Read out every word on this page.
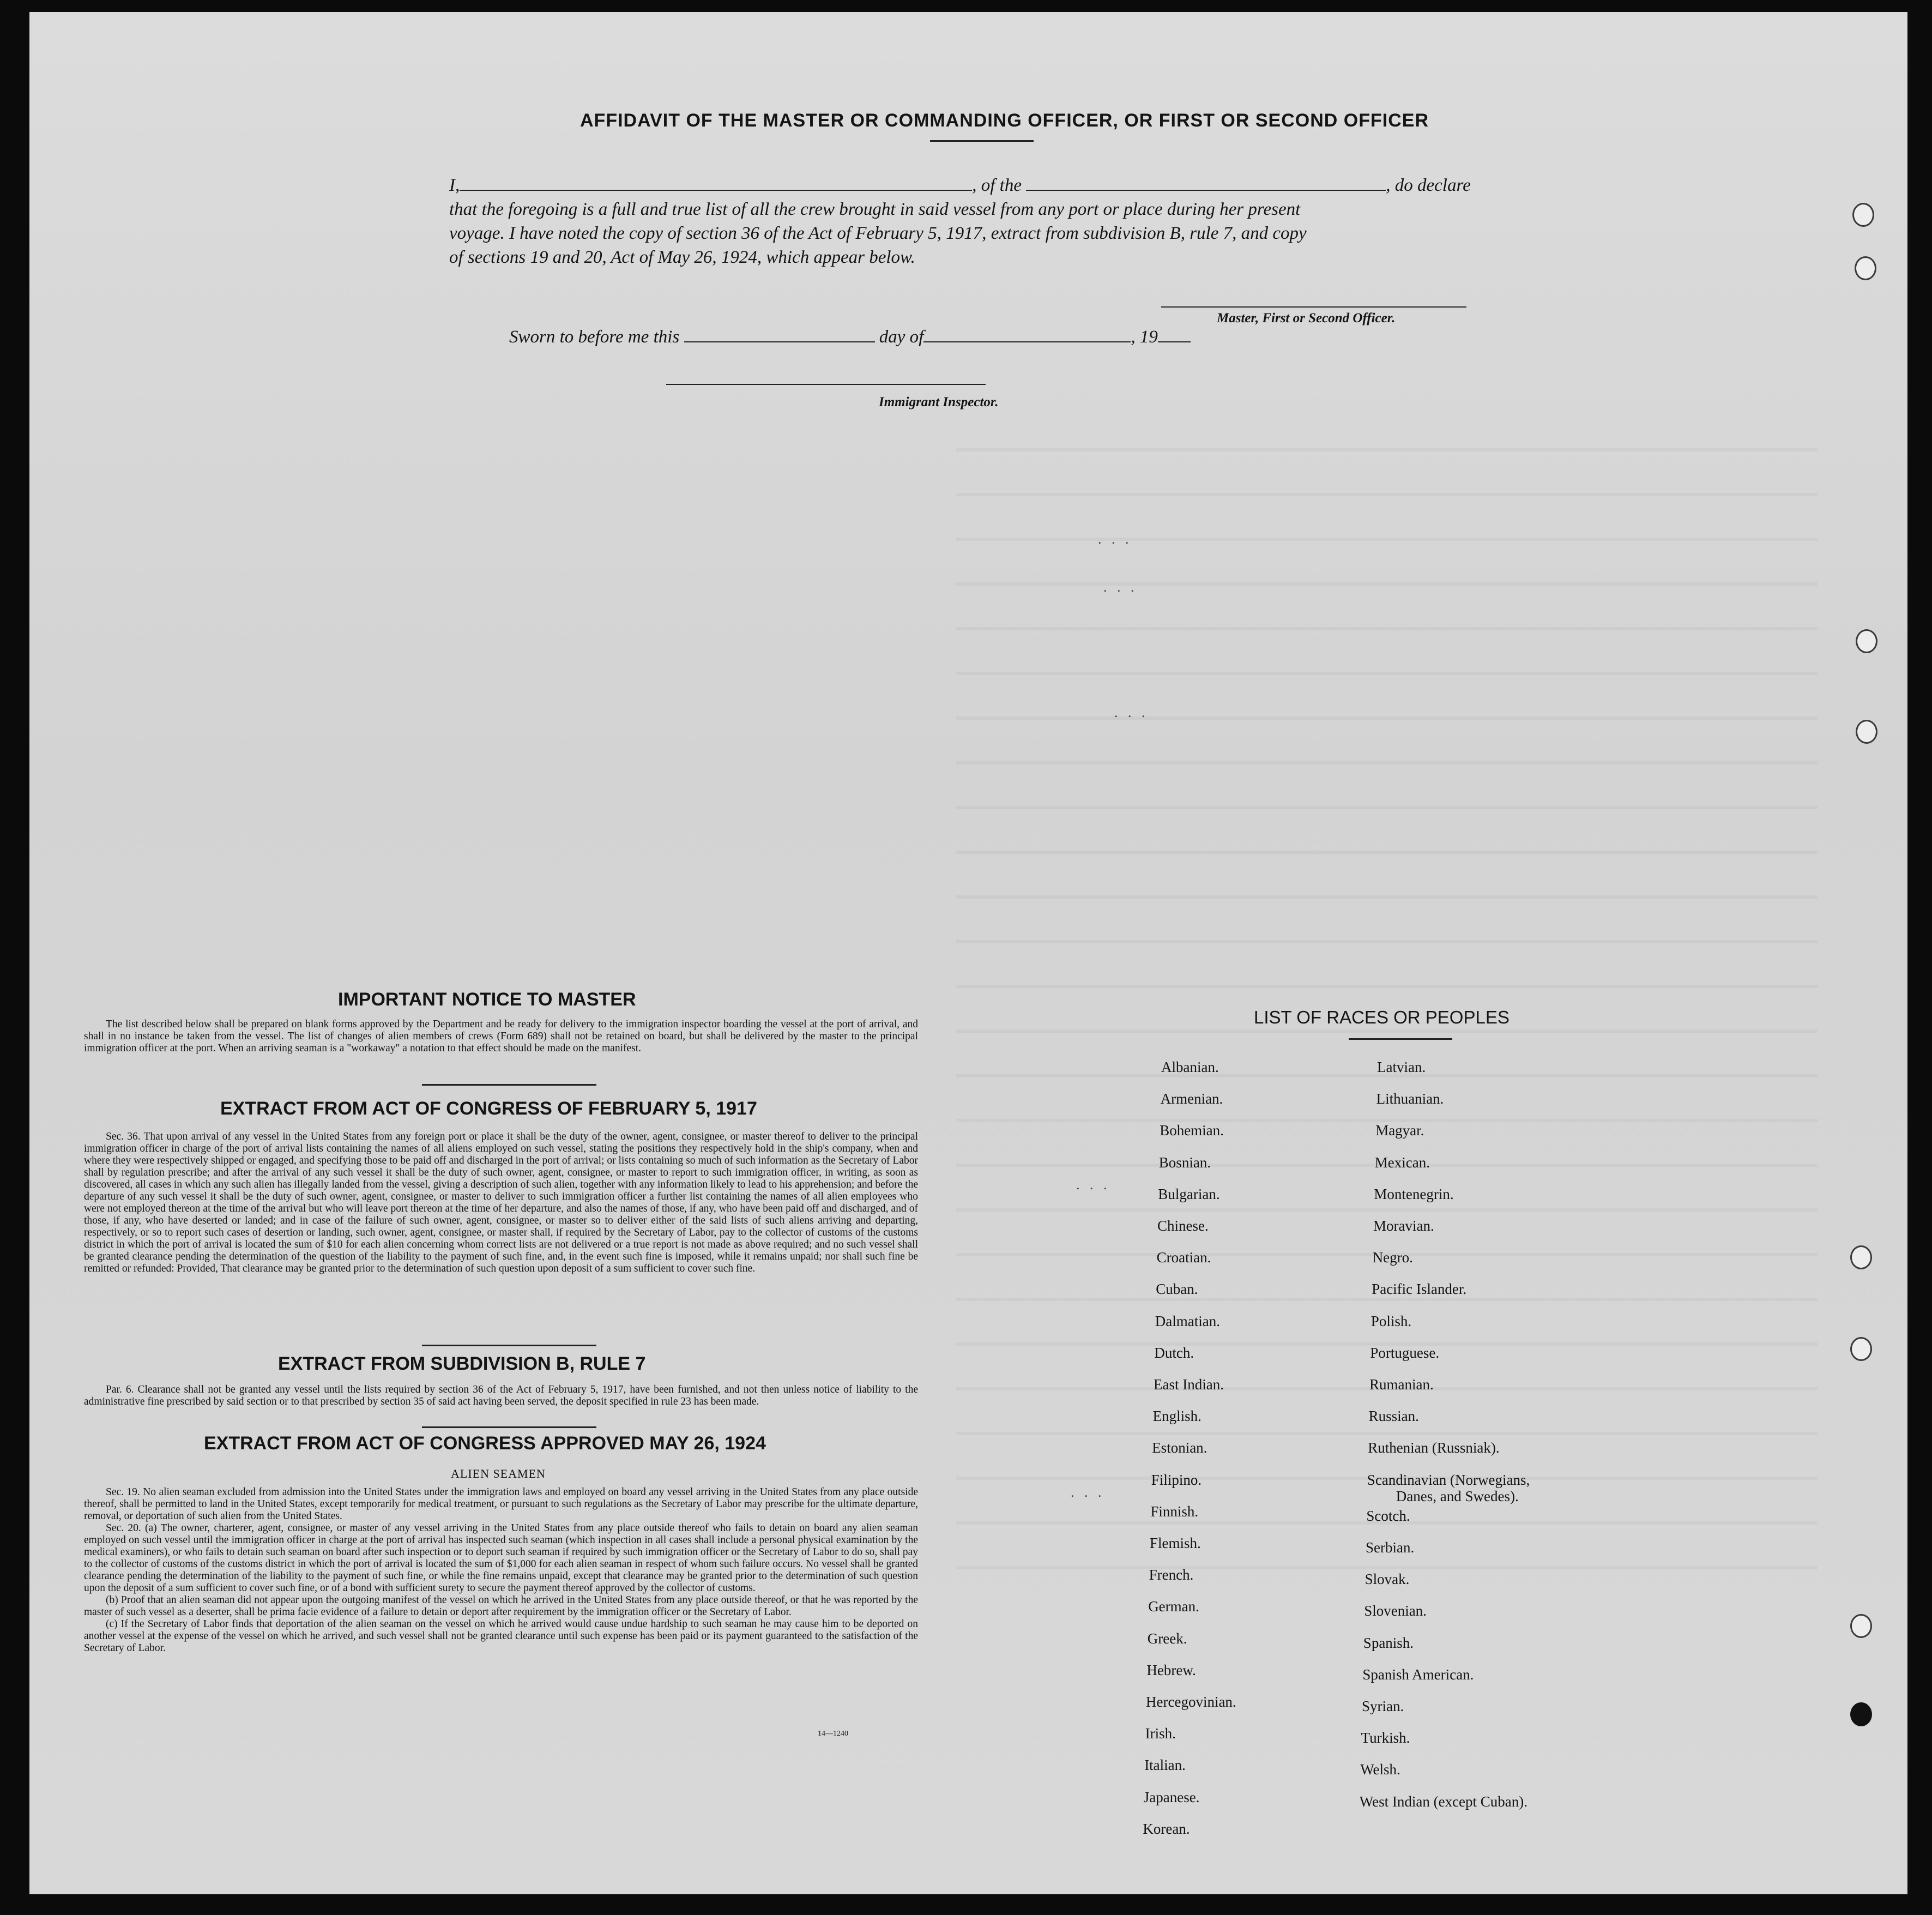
AFFIDAVIT OF THE MASTER OR COMMANDING OFFICER, OR FIRST OR SECOND OFFICER
I,	, of the	, do declare
that the foregoing is a full and true list of all the crew brought in said vessel from any port or place during her present
voyage. I have noted the copy of section 36 of the Act of February 5, 1917, extract from subdivision B, rule 7, and copy
of sections 19 and 20, Act of May 26, 1924, which appear below.
Master, First or Second Officer.
Sworn to before me this	day of	, 19
Immigrant Inspector.
IMPORTANT NOTICE TO MASTER

The list described below shall be prepared on blank forms approved by the Department and be ready for delivery to the immigration inspector boarding the vessel at the port of arrival, and shall in no instance be taken from the vessel. The list of changes of alien members of crews (Form 689) shall not be retained on board, but shall be delivered by the master to the principal immigration officer at the port. When an arriving seaman is a "workaway" a notation to that effect should be made on the manifest.

EXTRACT FROM ACT OF CONGRESS OF FEBRUARY 5, 1917

Sec. 36. That upon arrival of any vessel in the United States from any foreign port or place it shall be the duty of the owner, agent, consignee, or master thereof to deliver to the principal immigration officer in charge of the port of arrival lists containing the names of all aliens employed on such vessel, stating the positions they respectively hold in the ship's company, when and where they were respectively shipped or engaged, and specifying those to be paid off and discharged in the port of arrival; or lists containing so much of such information as the Secretary of Labor shall by regulation prescribe; and after the arrival of any such vessel it shall be the duty of such owner, agent, consignee, or master to report to such immigration officer, in writing, as soon as discovered, all cases in which any such alien has illegally landed from the vessel, giving a description of such alien, together with any information likely to lead to his apprehension; and before the departure of any such vessel it shall be the duty of such owner, agent, consignee, or master to deliver to such immigration officer a further list containing the names of all alien employees who were not employed thereon at the time of the arrival but who will leave port thereon at the time of her departure, and also the names of those, if any, who have been paid off and discharged, and of those, if any, who have deserted or landed; and in case of the failure of such owner, agent, consignee, or master so to deliver either of the said lists of such aliens arriving and departing, respectively, or so to report such cases of desertion or landing, such owner, agent, consignee, or master shall, if required by the Secretary of Labor, pay to the collector of customs of the customs district in which the port of arrival is located the sum of $10 for each alien concerning whom correct lists are not delivered or a true report is not made as above required; and no such vessel shall be granted clearance pending the determination of the question of the liability to the payment of such fine, and, in the event such fine is imposed, while it remains unpaid; nor shall such fine be remitted or refunded: Provided, That clearance may be granted prior to the determination of such question upon deposit of a sum sufficient to cover such fine.

EXTRACT FROM SUBDIVISION B, RULE 7

Par. 6. Clearance shall not be granted any vessel until the lists required by section 36 of the Act of February 5, 1917, have been furnished, and not then unless notice of liability to the administrative fine prescribed by said section or to that prescribed by section 35 of said act having been served, the deposit specified in rule 23 has been made.

EXTRACT FROM ACT OF CONGRESS APPROVED MAY 26, 1924
ALIEN SEAMEN

Sec. 19. No alien seaman excluded from admission into the United States under the immigration laws and employed on board any vessel arriving in the United States from any place outside thereof, shall be permitted to land in the United States, except temporarily for medical treatment, or pursuant to such regulations as the Secretary of Labor may prescribe for the ultimate departure, removal, or deportation of such alien from the United States.

Sec. 20. (a) The owner, charterer, agent, consignee, or master of any vessel arriving in the United States from any place outside thereof who fails to detain on board any alien seaman employed on such vessel until the immigration officer in charge at the port of arrival has inspected such seaman (which inspection in all cases shall include a personal physical examination by the medical examiners), or who fails to detain such seaman on board after such inspection or to deport such seaman if required by such immigration officer or the Secretary of Labor to do so, shall pay to the collector of customs of the customs district in which the port of arrival is located the sum of $1,000 for each alien seaman in respect of whom such failure occurs. No vessel shall be granted clearance pending the determination of the liability to the payment of such fine, or while the fine remains unpaid, except that clearance may be granted prior to the determination of such question upon the deposit of a sum sufficient to cover such fine, or of a bond with sufficient surety to secure the payment thereof approved by the collector of customs.

(b) Proof that an alien seaman did not appear upon the outgoing manifest of the vessel on which he arrived in the United States from any place outside thereof, or that he was reported by the master of such vessel as a deserter, shall be prima facie evidence of a failure to detain or deport after requirement by the immigration officer or the Secretary of Labor.

(c) If the Secretary of Labor finds that deportation of the alien seaman on the vessel on which he arrived would cause undue hardship to such seaman he may cause him to be deported on another vessel at the expense of the vessel on which he arrived, and such vessel shall not be granted clearance until such expense has been paid or its payment guaranteed to the satisfaction of the Secretary of Labor.

14—1240
LIST OF RACES OR PEOPLES
Albanian.
Armenian.
Bohemian.
Bosnian.
Bulgarian.
Chinese.
Croatian.
Cuban.
Dalmatian.
Dutch.
East Indian.
English.
Estonian.
Filipino.
Finnish.
Flemish.
French.
German.
Greek.
Hebrew.
Hercegovinian.
Irish.
Italian.
Japanese.
Korean.
Latvian.
Lithuanian.
Magyar.
Mexican.
Montenegrin.
Moravian.
Negro.
Pacific Islander.
Polish.
Portuguese.
Rumanian.
Russian.
Ruthenian (Russniak).
Scandinavian (Norwegians,
Danes, and Swedes).
Scotch.
Serbian.
Slovak.
Slovenian.
Spanish.
Spanish American.
Syrian.
Turkish.
Welsh.
West Indian (except Cuban).
. . .
. . .
. . .
. . .
. . .
